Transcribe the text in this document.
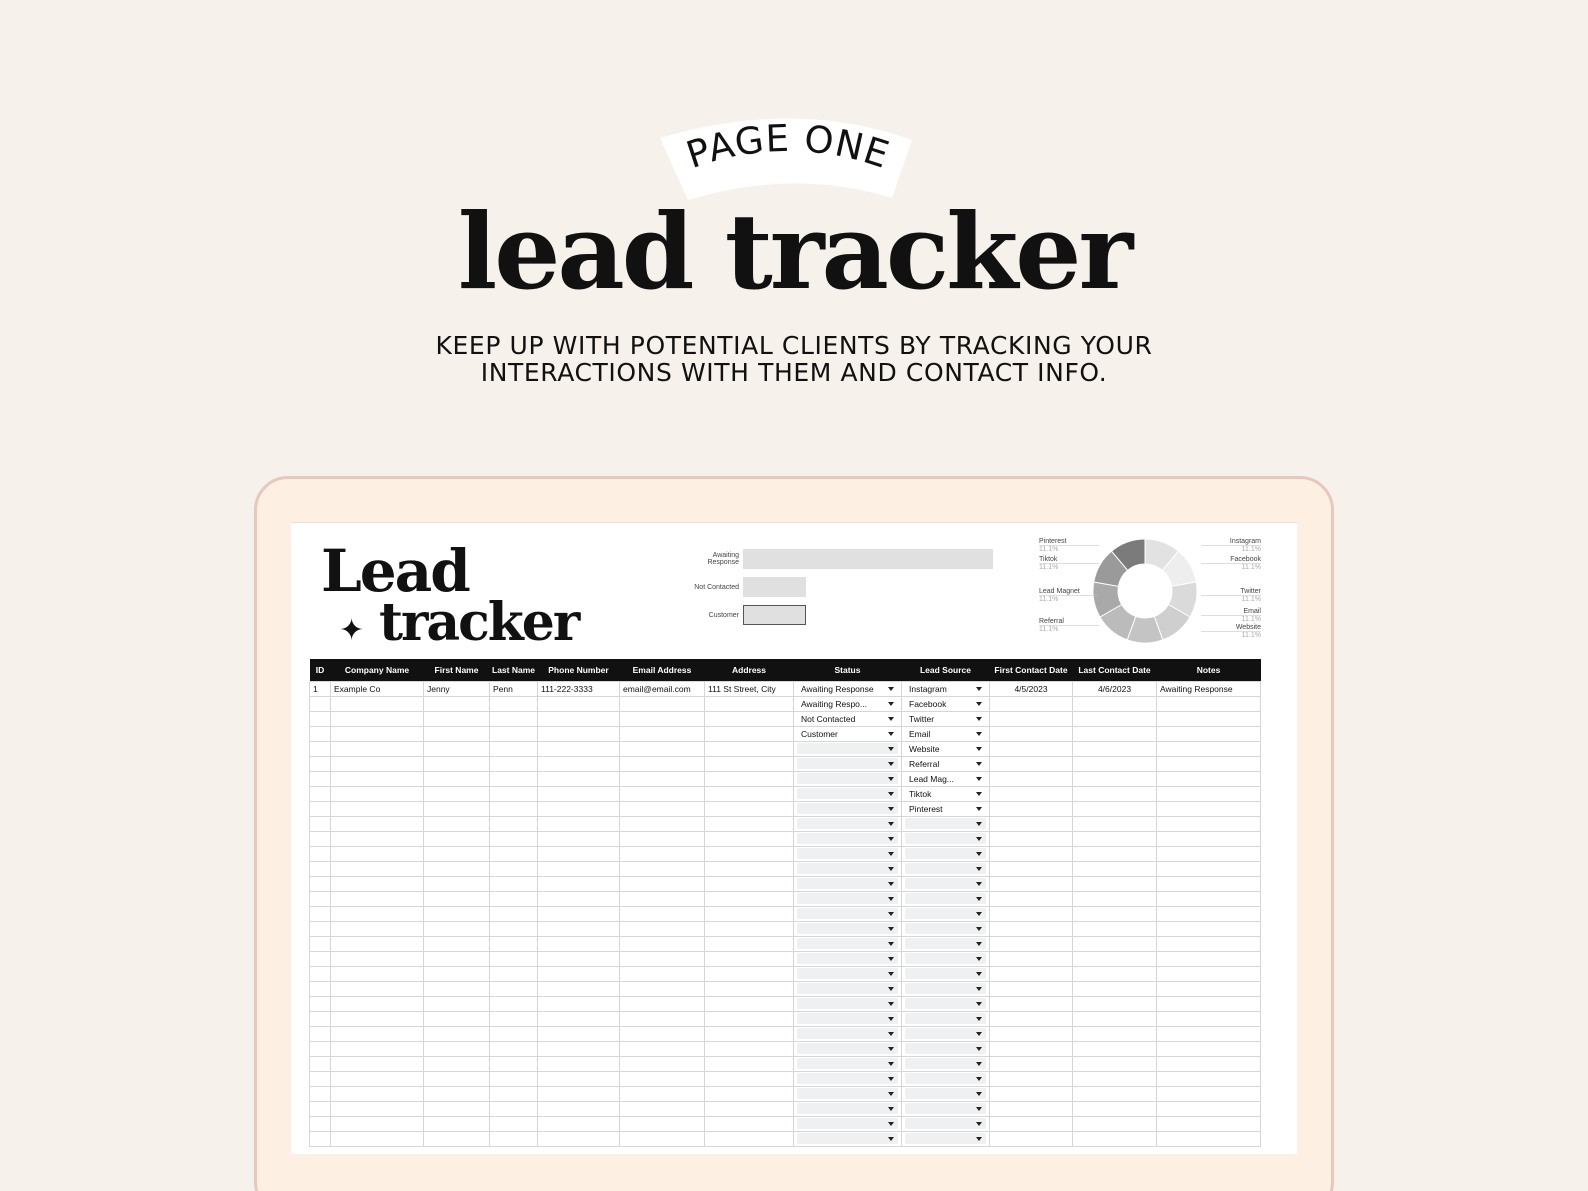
PAGE ONE
lead tracker
KEEP UP WITH POTENTIAL CLIENTS BY TRACKING YOUR
INTERACTIONS WITH THEM AND CONTACT INFO.
Lead
✦ tracker
Awaiting Response
Not Contacted
Customer
Pinterest
11.1%
Tiktok
11.1%
Lead Magnet
11.1%
Referral
11.1%
Instagram
11.1%
Facebook
11.1%
Twitter
11.1%
Email
11.1%
Website
11.1%
ID	Company Name	First Name	Last Name	Phone Number	Email Address	Address	Status	Lead Source	First Contact Date	Last Contact Date	Notes
1	Example Co	Jenny	Penn	111-222-3333	email@email.com	111 St Street, City	Awaiting Response	Instagram	4/5/2023	4/6/2023	Awaiting Response

							Awaiting Respo...	Facebook			

							Not Contacted	Twitter			

							Customer	Email			

								Website			

								Referral			

								Lead Mag...			

								Tiktok			

								Pinterest			
